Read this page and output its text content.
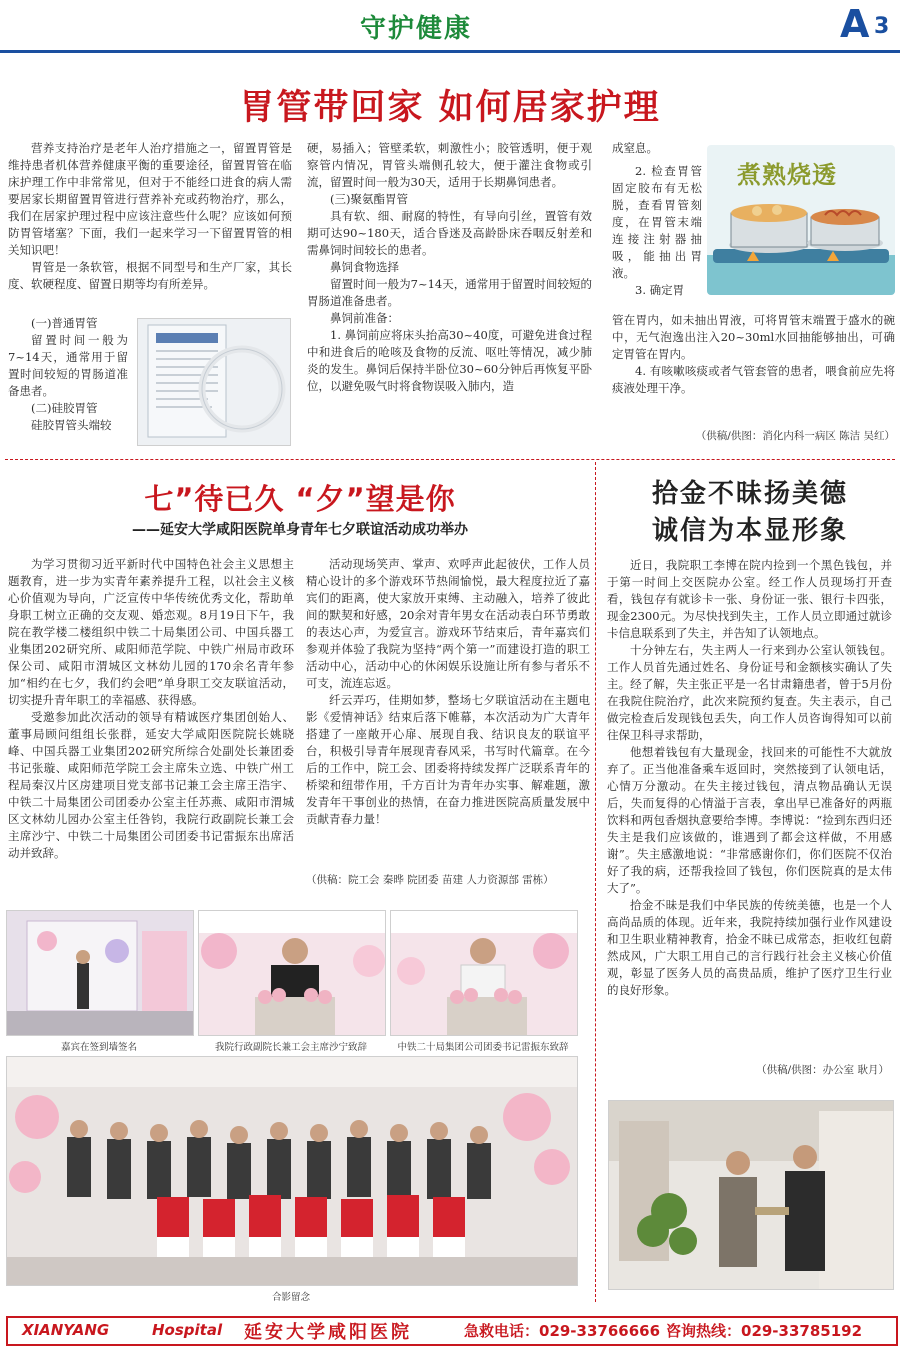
守护健康	A 3
胃管带回家 如何居家护理

营养支持治疗是老年人治疗措施之一，留置胃管是维持患者机体营养健康平衡的重要途径，留置胃管在临床护理工作中非常常见，但对于不能经口进食的病人需要居家长期留置胃管进行营养补充或药物治疗，那么，我们在居家护理过程中应该注意些什么呢？应该如何预防胃管堵塞？下面，我们一起来学习一下留置胃管的相关知识吧！

胃管是一条软管，根据不同型号和生产厂家，其长度、软硬程度、留置日期等均有所差异。

(一)普通胃管

留置时间一般为7~14天，通常用于留置时间较短的胃肠道准备患者。

(二)硅胶胃管

硅胶胃管头端较

硬，易插入；管壁柔软，刺激性小；胶管透明，便于观察管内情况，胃管头端侧孔较大，便于灌注食物或引流，留置时间一般为30天，适用于长期鼻饲患者。

(三)聚氨酯胃管

具有软、细、耐腐的特性，有导向引丝，置管有效期可达90~180天，适合昏迷及高龄卧床吞咽反射差和需鼻饲时间较长的患者。

鼻饲食物选择

留置时间一般为7~14天，通常用于留置时间较短的胃肠道准备患者。

鼻饲前准备：

1. 鼻饲前应将床头抬高30~40度，可避免进食过程中和进食后的呛咳及食物的反流、呕吐等情况，减少肺炎的发生。鼻饲后保持半卧位30~60分钟后再恢复平卧位，以避免吸气时将食物误吸入肺内，造

成窒息。

2. 检查胃管固定胶布有无松脱，查看胃管刻度，在胃管末端连接注射器抽吸，能抽出胃液。

3. 确定胃

煮熟烧透

管在胃内，如未抽出胃液，可将胃管末端置于盛水的碗中，无气泡逸出注入20~30ml水回抽能够抽出，可确定胃管在胃内。

4. 有咳嗽咳痰或者气管套管的患者，喂食前应先将痰液处理干净。

（供稿/供图：消化内科一病区 陈洁 吴红）
七”待已久 “夕”望是你
——延安大学咸阳医院单身青年七夕联谊活动成功举办

为学习贯彻习近平新时代中国特色社会主义思想主题教育，进一步为实青年素养提升工程，以社会主义核心价值观为导向，广泛宣传中华传统优秀文化，帮助单身职工树立正确的交友观、婚恋观。8月19日下午，我院在教学楼二楼组织中铁二十局集团公司、中国兵器工业集团202研究所、咸阳师范学院、中铁广州局市政环保公司、咸阳市渭城区文林幼儿园的170余名青年参加“相约在七夕，我们约会吧”单身职工交友联谊活动，切实提升青年职工的幸福感、获得感。

受邀参加此次活动的领导有精诚医疗集团创始人、董事局顾问组组长张群，延安大学咸阳医院院长姚晓峰、中国兵器工业集团202研究所综合处副处长兼团委书记张璇、咸阳师范学院工会主席朱立选、中铁广州工程局秦汉片区房建项目党支部书记兼工会主席王浩宇、中铁二十局集团公司团委办公室主任苏燕、咸阳市渭城区文林幼儿园办公室主任咎钧，我院行政副院长兼工会主席沙宁、中铁二十局集团公司团委书记雷振东出席活动并致辞。

活动现场笑声、掌声、欢呼声此起彼伏，工作人员精心设计的多个游戏环节热闹愉悦，最大程度拉近了嘉宾们的距离，使大家放开束缚、主动融入，培养了彼此间的默契和好感，20余对青年男女在活动表白环节勇敢的表达心声，为爱宣言。游戏环节结束后，青年嘉宾们参观并体验了我院为坚持“两个第一”而建设打造的职工活动中心，活动中心的休闲娱乐设施让所有参与者乐不可支，流连忘返。

纤云弄巧，佳期如梦，整场七夕联谊活动在主题电影《爱情神话》结束后落下帷幕，本次活动为广大青年搭建了一座敞开心扉、展现自我、结识良友的联谊平台，积极引导青年展现青春风采，书写时代篇章。在今后的工作中，院工会、团委将持续发挥广泛联系青年的桥梁和纽带作用，千方百计为青年办实事、解难题，激发青年干事创业的热情，在奋力推进医院高质量发展中贡献青春力量！

（供稿：院工会 秦晔 院团委 苗建 人力资源部 雷栋）
嘉宾在签到墙签名	我院行政副院长兼工会主席沙宁致辞	中铁二十局集团公司团委书记雷振东致辞
合影留念
拾金不昧扬美德
诚信为本显形象

近日，我院职工李博在院内捡到一个黑色钱包，并于第一时间上交医院办公室。经工作人员现场打开查看，钱包存有就诊卡一张、身份证一张、银行卡四张，现金2300元。为尽快找到失主，工作人员立即通过就诊卡信息联系到了失主，并告知了认领地点。

十分钟左右，失主两人一行来到办公室认领钱包。工作人员首先通过姓名、身份证号和金额核实确认了失主。经了解，失主张正平是一名甘肃籍患者，曾于5月份在我院住院治疗，此次来院预约复查。失主表示，自己做完检查后发现钱包丢失，向工作人员咨询得知可以前往保卫科寻求帮助，

他想着钱包有大量现金，找回来的可能性不大就放弃了。正当他准备乘车返回时，突然接到了认领电话，心情万分激动。在失主接过钱包，清点物品确认无误后，失而复得的心情溢于言表，拿出早已准备好的两瓶饮料和两包香烟执意要给李博。李博说：“捡到东西归还失主是我们应该做的，谁遇到了都会这样做，不用感谢”。失主感激地说：“非常感谢你们，你们医院不仅治好了我的病，还帮我捡回了钱包，你们医院真的是太伟大了”。

拾金不昧是我们中华民族的传统美德，也是一个人高尚品质的体现。近年来，我院持续加强行业作风建设和卫生职业精神教育，拾金不昧已成常态，拒收红包蔚然成风，广大职工用自己的言行践行社会主义核心价值观，彰显了医务人员的高贵品质，维护了医疗卫生行业的良好形象。

（供稿/供图：办公室 耿月）
XIANYANG	Hospital 延安大学咸阳医院	急救电话：029-33766666 咨询热线：029-33785192
